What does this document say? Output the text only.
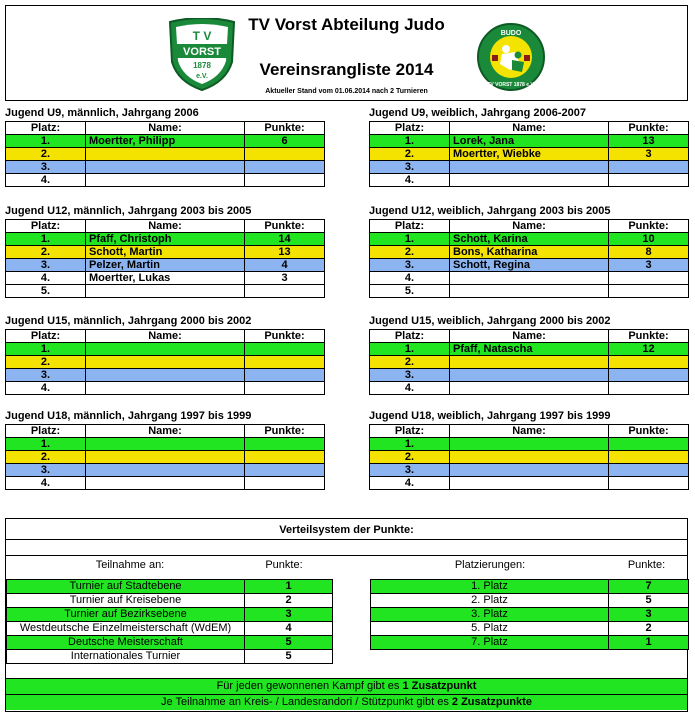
TV Vorst Abteilung Judo
Vereinsrangliste 2014
Aktueller Stand vom 01.06.2014 nach 2 Turnieren
T V
VORST
1878
e.V.
BUDO
TV VORST 1878 e.V.
Jugend U9, männlich, Jahrgang 2006
Platz:	Name:	Punkte:
1.	Moertter, Philipp	6
2.		
3.		
4.		
Jugend U9, weiblich, Jahrgang 2006-2007
Platz:	Name:	Punkte:
1.	Lorek, Jana	13
2.	Moertter, Wiebke	3
3.		
4.		
Jugend U12, männlich, Jahrgang 2003 bis 2005
Platz:	Name:	Punkte:
1.	Pfaff, Christoph	14
2.	Schott, Martin	13
3.	Pelzer, Martin	4
4.	Moertter, Lukas	3
5.		
Jugend U12, weiblich, Jahrgang 2003 bis 2005
Platz:	Name:	Punkte:
1.	Schott, Karina	10
2.	Bons, Katharina	8
3.	Schott, Regina	3
4.		
5.		
Jugend U15, männlich, Jahrgang 2000 bis 2002
Platz:	Name:	Punkte:
1.		
2.		
3.		
4.		
Jugend U15, weiblich, Jahrgang 2000 bis 2002
Platz:	Name:	Punkte:
1.	Pfaff, Natascha	12
2.		
3.		
4.		
Jugend U18, männlich, Jahrgang 1997 bis 1999
Platz:	Name:	Punkte:
1.		
2.		
3.		
4.		
Jugend U18, weiblich, Jahrgang 1997 bis 1999
Platz:	Name:	Punkte:
1.		
2.		
3.		
4.		
Verteilsystem der Punkte:
Teilnahme an:	Punkte:	Platzierungen:	Punkte:
Turnier auf Stadtebene	1
Turnier auf Kreisebene	2
Turnier auf Bezirksebene	3
Westdeutsche Einzelmeisterschaft (WdEM)	4
Deutsche Meisterschaft	5
Internationales Turnier	5
1. Platz	7
2. Platz	5
3. Platz	3
5. Platz	2
7. Platz	1
Für jeden gewonnenen Kampf gibt es 1 Zusatzpunkt
Je Teilnahme an Kreis- / Landesrandori / Stützpunkt gibt es 2 Zusatzpunkte
